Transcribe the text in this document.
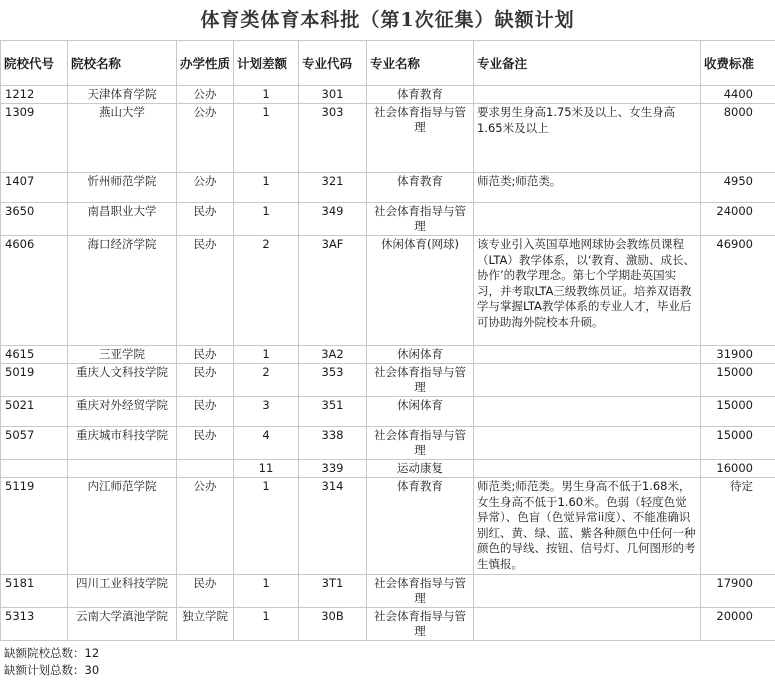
体育类体育本科批（第1次征集）缺额计划
院校代号	院校名称	办学性质	计划差额	专业代码	专业名称	专业备注	收费标准
1212	天津体育学院	公办	1	301	体育教育		4400
1309	燕山大学	公办	1	303	社会体育指导与管理	要求男生身高1.75米及以上、女生身高1.65米及以上	8000
1407	忻州师范学院	公办	1	321	体育教育	师范类;师范类。	4950
3650	南昌职业大学	民办	1	349	社会体育指导与管理		24000
4606	海口经济学院	民办	2	3AF	休闲体育(网球)	该专业引入英国草地网球协会教练员课程（LTA）教学体系，以‘教育、激励、成长、协作’的教学理念。第七个学期赴英国实习，并考取LTA三级教练员证。培养双语教学与掌握LTA教学体系的专业人才，毕业后可协助海外院校本升硕。	46900
4615	三亚学院	民办	1	3A2	休闲体育		31900
5019	重庆人文科技学院	民办	2	353	社会体育指导与管理		15000
5021	重庆对外经贸学院	民办	3	351	休闲体育		15000
5057	重庆城市科技学院	民办	4	338	社会体育指导与管理		15000
			11	339	运动康复		16000
5119	内江师范学院	公办	1	314	体育教育	师范类;师范类。男生身高不低于1.68米，女生身高不低于1.60米。色弱（轻度色觉异常）、色盲（色觉异常ii度）、不能准确识别红、黄、绿、蓝、紫各种颜色中任何一种颜色的导线、按钮、信号灯、几何图形的考生慎报。	待定
5181	四川工业科技学院	民办	1	3T1	社会体育指导与管理		17900
5313	云南大学滇池学院	独立学院	1	30B	社会体育指导与管理		20000
缺额院校总数：12
缺额计划总数：30
